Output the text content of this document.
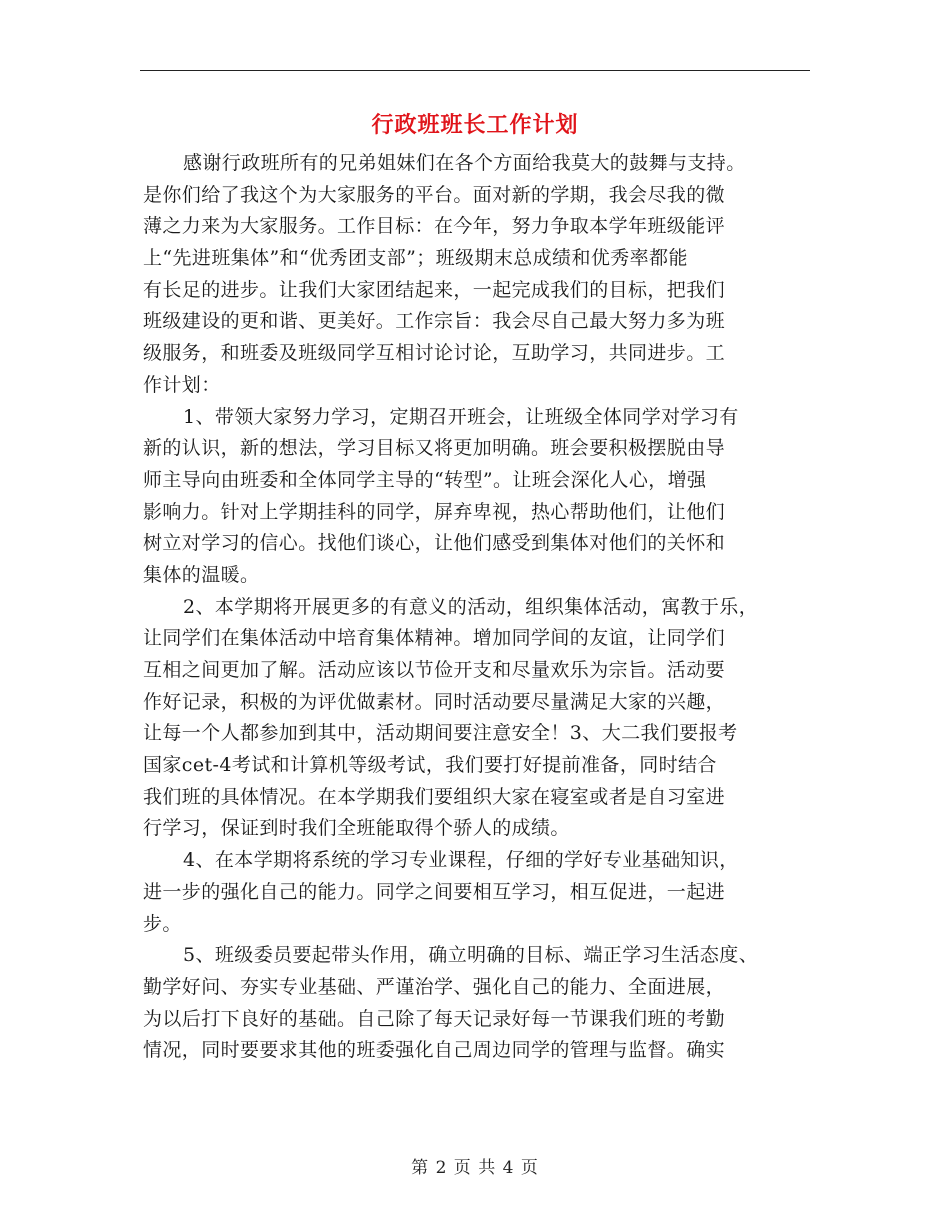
行政班班长工作计划
感谢行政班所有的兄弟姐妹们在各个方面给我莫大的鼓舞与支持。
是你们给了我这个为大家服务的平台。面对新的学期，我会尽我的微
薄之力来为大家服务。工作目标：在今年，努力争取本学年班级能评
上“先进班集体”和“优秀团支部”；班级期末总成绩和优秀率都能
有长足的进步。让我们大家团结起来，一起完成我们的目标，把我们
班级建设的更和谐、更美好。工作宗旨：我会尽自己最大努力多为班
级服务，和班委及班级同学互相讨论讨论，互助学习，共同进步。工
作计划：
1、带领大家努力学习，定期召开班会，让班级全体同学对学习有
新的认识，新的想法，学习目标又将更加明确。班会要积极摆脱由导
师主导向由班委和全体同学主导的“转型”。让班会深化人心，增强
影响力。针对上学期挂科的同学，屏弃卑视，热心帮助他们，让他们
树立对学习的信心。找他们谈心，让他们感受到集体对他们的关怀和
集体的温暖。
2、本学期将开展更多的有意义的活动，组织集体活动，寓教于乐，
让同学们在集体活动中培育集体精神。增加同学间的友谊，让同学们
互相之间更加了解。活动应该以节俭开支和尽量欢乐为宗旨。活动要
作好记录，积极的为评优做素材。同时活动要尽量满足大家的兴趣，
让每一个人都参加到其中，活动期间要注意安全！3、大二我们要报考
国家cet-4考试和计算机等级考试，我们要打好提前准备，同时结合
我们班的具体情况。在本学期我们要组织大家在寝室或者是自习室进
行学习，保证到时我们全班能取得个骄人的成绩。
4、在本学期将系统的学习专业课程，仔细的学好专业基础知识，
进一步的强化自己的能力。同学之间要相互学习，相互促进，一起进
步。
5、班级委员要起带头作用，确立明确的目标、端正学习生活态度、
勤学好问、夯实专业基础、严谨治学、强化自己的能力、全面进展，
为以后打下良好的基础。自己除了每天记录好每一节课我们班的考勤
情况，同时要要求其他的班委强化自己周边同学的管理与监督。确实
第 2 页 共 4 页
